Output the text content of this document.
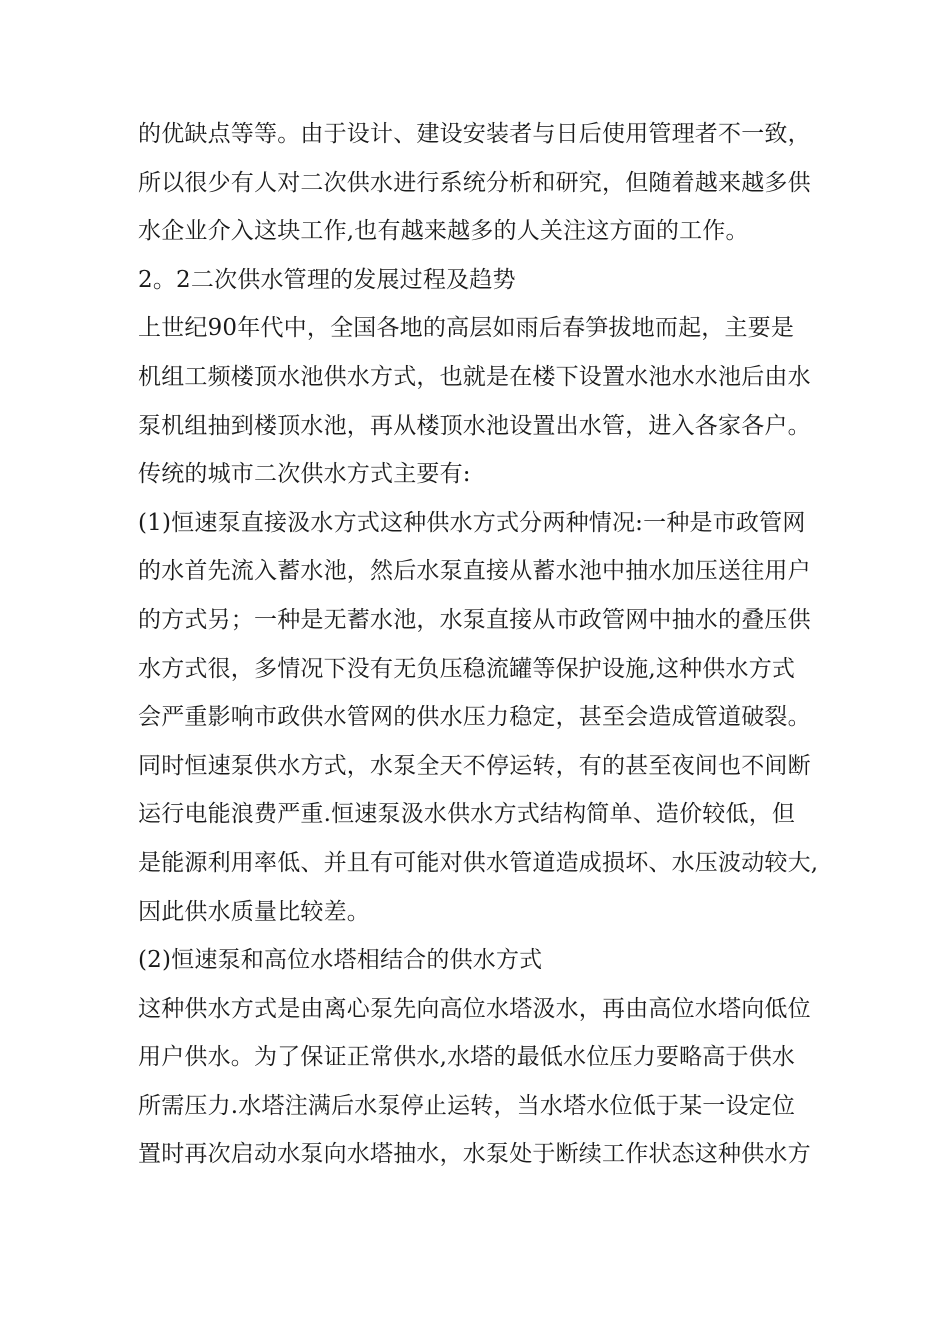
的优缺点等等。由于设计、建设安装者与日后使用管理者不一致，
所以很少有人对二次供水进行系统分析和研究，但随着越来越多供
水企业介入这块工作,也有越来越多的人关注这方面的工作。
2。2二次供水管理的发展过程及趋势
上世纪90年代中，全国各地的高层如雨后春笋拔地而起，主要是
机组工频楼顶水池供水方式，也就是在楼下设置水池水水池后由水
泵机组抽到楼顶水池，再从楼顶水池设置出水管，进入各家各户。
传统的城市二次供水方式主要有:
(1)恒速泵直接汲水方式这种供水方式分两种情况:一种是市政管网
的水首先流入蓄水池，然后水泵直接从蓄水池中抽水加压送往用户
的方式另；一种是无蓄水池，水泵直接从市政管网中抽水的叠压供
水方式很，多情况下没有无负压稳流罐等保护设施,这种供水方式
会严重影响市政供水管网的供水压力稳定，甚至会造成管道破裂。
同时恒速泵供水方式，水泵全天不停运转，有的甚至夜间也不间断
运行电能浪费严重.恒速泵汲水供水方式结构简单、造价较低，但
是能源利用率低、并且有可能对供水管道造成损坏、水压波动较大,
因此供水质量比较差。
(2)恒速泵和高位水塔相结合的供水方式
这种供水方式是由离心泵先向高位水塔汲水，再由高位水塔向低位
用户供水。为了保证正常供水,水塔的最低水位压力要略高于供水
所需压力.水塔注满后水泵停止运转，当水塔水位低于某一设定位
置时再次启动水泵向水塔抽水，水泵处于断续工作状态这种供水方
